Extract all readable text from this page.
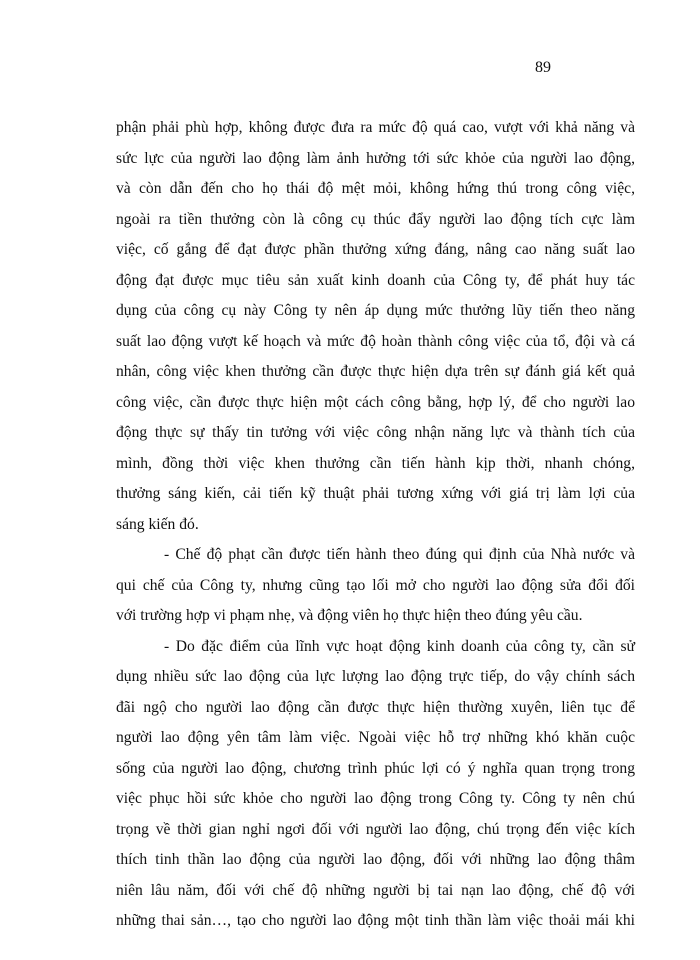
89
phận phải phù hợp, không được đưa ra mức độ quá cao, vượt với khả năng và
sức lực của người lao động làm ảnh hưởng tới sức khỏe của người lao động,
và còn dẫn đến cho họ thái độ mệt mỏi, không hứng thú trong công việc,
ngoài ra tiền thưởng còn là công cụ thúc đẩy người lao động tích cực làm
việc, cố gắng để đạt được phần thưởng xứng đáng, nâng cao năng suất lao
động đạt được mục tiêu sản xuất kinh doanh của Công ty, để phát huy tác
dụng của công cụ này Công ty nên áp dụng mức thưởng lũy tiến theo năng
suất lao động vượt kế hoạch và mức độ hoàn thành công việc của tổ, đội và cá
nhân, công việc khen thưởng cần được thực hiện dựa trên sự đánh giá kết quả
công việc, cần được thực hiện một cách công bằng, hợp lý, để cho người lao
động thực sự thấy tin tưởng với việc công nhận năng lực và thành tích của
mình, đồng thời việc khen thưởng cần tiến hành kịp thời, nhanh chóng,
thưởng sáng kiến, cải tiến kỹ thuật phải tương xứng với giá trị làm lợi của
sáng kiến đó.
- Chế độ phạt cần được tiến hành theo đúng qui định của Nhà nước và
qui chế của Công ty, nhưng cũng tạo lối mở cho người lao động sửa đổi đối
với trường hợp vi phạm nhẹ, và động viên họ thực hiện theo đúng yêu cầu.
- Do đặc điểm của lĩnh vực hoạt động kinh doanh của công ty, cần sử
dụng nhiều sức lao động của lực lượng lao động trực tiếp, do vậy chính sách
đãi ngộ cho người lao động cần được thực hiện thường xuyên, liên tục để
người lao động yên tâm làm việc. Ngoài việc hỗ trợ những khó khăn cuộc
sống của người lao động, chương trình phúc lợi có ý nghĩa quan trọng trong
việc phục hồi sức khỏe cho người lao động trong Công ty. Công ty nên chú
trọng về thời gian nghỉ ngơi đối với người lao động, chú trọng đến việc kích
thích tinh thần lao động của người lao động, đối với những lao động thâm
niên lâu năm, đối với chế độ những người bị tai nạn lao động, chế độ với
những thai sản…, tạo cho người lao động một tinh thần làm việc thoải mái khi
